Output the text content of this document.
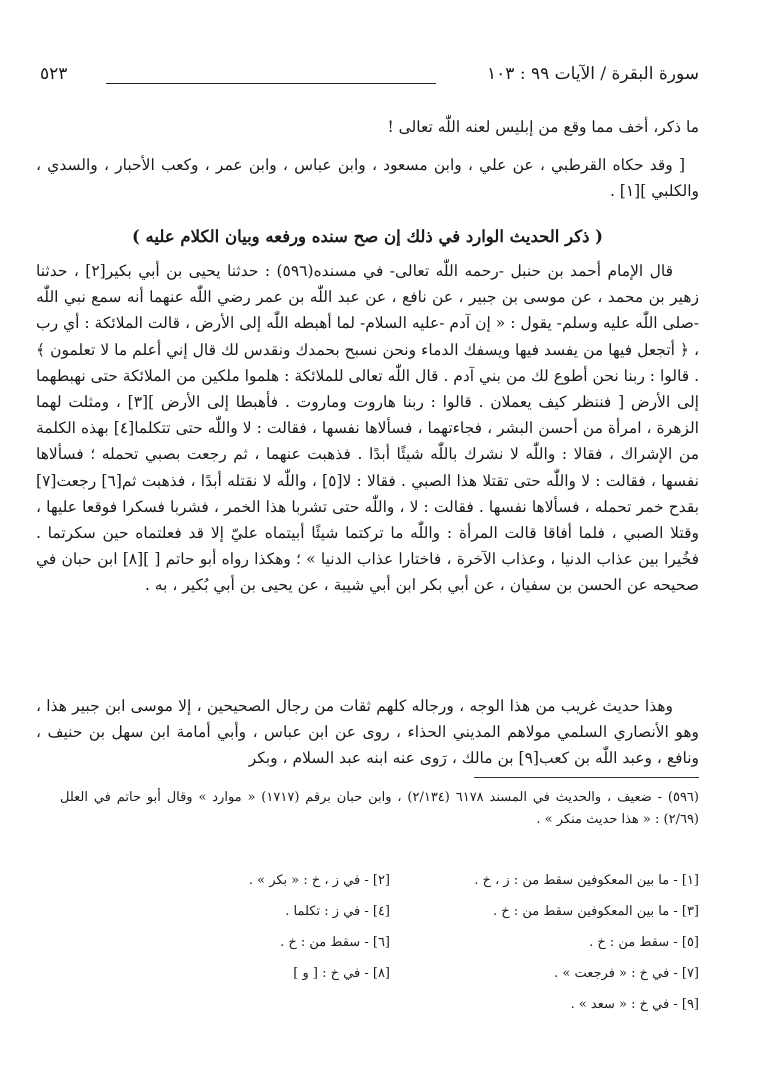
سورة البقرة / الآيات ٩٩ : ١٠٣
٥٢٣

ما ذكر، أخف مما وقع من إبليس لعنه اللّٰه تعالى !

[ وقد حكاه القرطبي ، عن علي ، وابن مسعود ، وابن عباس ، وابن عمر ، وكعب الأحبار ، والسدي ، والكلبي ][١] .

( ذكر الحديث الوارد في ذلك إن صح سنده ورفعه وبيان الكلام عليه )

قال الإمام أحمد بن حنبل -رحمه اللّٰه تعالى- في مسنده(٥٩٦) : حدثنا يحيى بن أبي بكير[٢] ، حدثنا زهير بن محمد ، عن موسى بن جبير ، عن نافع ، عن عبد اللّٰه بن عمر رضي اللّٰه عنهما أنه سمع نبي اللّٰه -صلى اللّٰه عليه وسلم- يقول : « إن آدم -عليه السلام- لما أهبطه اللّٰه إلى الأرض ، قالت الملائكة : أي رب ، ﴿ أتجعل فيها من يفسد فيها ويسفك الدماء ونحن نسبح بحمدك ونقدس لك قال إني أعلم ما لا تعلمون ﴾ . قالوا : ربنا نحن أطوع لك من بني آدم . قال اللّٰه تعالى للملائكة : هلموا ملكين من الملائكة حتى نهبطهما إلى الأرض [ فننظر كيف يعملان . قالوا : ربنا هاروت وماروت . فأهبطا إلى الأرض ][٣] ، ومثلت لهما الزهرة ، امرأة من أحسن البشر ، فجاءتهما ، فسألاها نفسها ، فقالت : لا واللّٰه حتى تتكلما[٤] بهذه الكلمة من الإشراك ، فقالا : واللّٰه لا نشرك باللّٰه شيئًا أبدًا . فذهبت عنهما ، ثم رجعت بصبي تحمله ؛ فسألاها نفسها ، فقالت : لا واللّٰه حتى تقتلا هذا الصبي . فقالا : لا[٥] ، واللّٰه لا نقتله أبدًا ، فذهبت ثم[٦] رجعت[٧] بقدح خمر تحمله ، فسألاها نفسها . فقالت : لا ، واللّٰه حتى تشربا هذا الخمر ، فشربا فسكرا فوقعا عليها ، وقتلا الصبي ، فلما أفاقا قالت المرأة : واللّٰه ما تركتما شيئًا أبيتماه عليّ إلا قد فعلتماه حين سكرتما . فخُيرا بين عذاب الدنيا ، وعذاب الآخرة ، فاختارا عذاب الدنيا » ؛ وهكذا رواه أبو حاتم [ ][٨] ابن حبان في صحيحه عن الحسن بن سفيان ، عن أبي بكر ابن أبي شيبة ، عن يحيى بن أبي بُكير ، به .

وهذا حديث غريب من هذا الوجه ، ورجاله كلهم ثقات من رجال الصحيحين ، إلا موسى ابن جبير هذا ، وهو الأنصاري السلمي مولاهم المديني الحذاء ، روى عن ابن عباس ، وأبي أمامة ابن سهل بن حنيف ، ونافع ، وعبد اللّٰه بن كعب[٩] بن مالك ، رَوى عنه ابنه عبد السلام ، وبكر

(٥٩٦) - ضعيف ، والحديث في المسند ٦١٧٨ (٢/١٣٤) ، وابن حبان برقم (١٧١٧) « موارد » وقال أبو حاتم في العلل (٢/٦٩) : « هذا حديث منكر » .

[١] - ما بين المعكوفين سقط من : ز ، خ .
[٣] - ما بين المعكوفين سقط من : خ .
[٥] - سقط من : خ .
[٧] - في خ : « فرجعت » .
[٩] - في خ : « سعد » .
[٢] - في ز ، خ : « بكر » .
[٤] - في ز : تكلما .
[٦] - سقط من : خ .
[٨] - في خ : [ و ]
